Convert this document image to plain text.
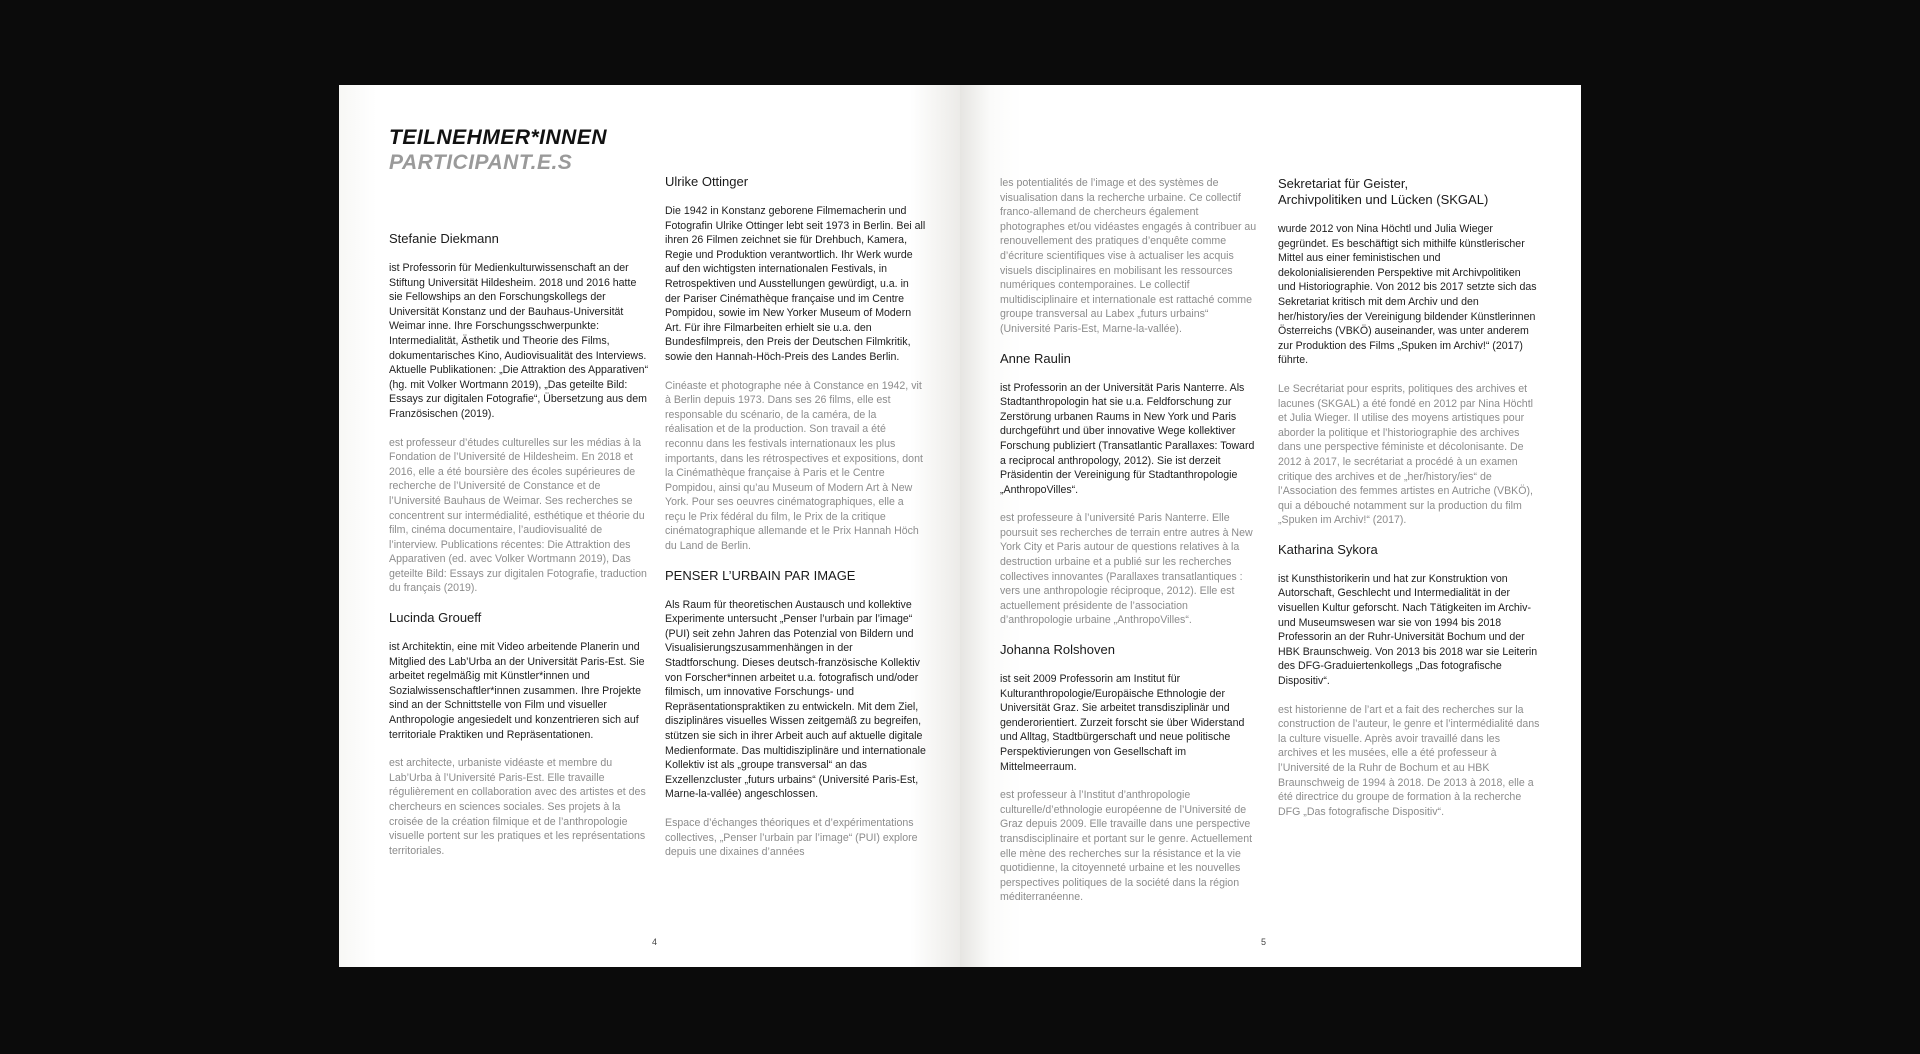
TEILNEHMER*INNEN

PARTICIPANT.E.S

Stefanie Diekmann

ist Professorin für Medienkulturwissenschaft an der Stiftung Universität Hildesheim. 2018 und 2016 hatte sie Fellowships an den Forschungskollegs der Universität Konstanz und der Bauhaus-Universität Weimar inne. Ihre Forschungsschwerpunkte: Intermedialität, Ästhetik und Theorie des Films, dokumentarisches Kino, Audiovisualität des Interviews. Aktuelle Publikationen: „Die Attraktion des Apparativen“ (hg. mit Volker Wortmann 2019), „Das geteilte Bild: Essays zur digitalen Fotografie“, Übersetzung aus dem Französischen (2019).

est professeur d’études culturelles sur les médias à la Fondation de l’Université de Hildesheim. En 2018 et 2016, elle a été boursière des écoles supérieures de recherche de l’Université de Constance et de l’Université Bauhaus de Weimar. Ses recherches se concentrent sur intermédialité, esthétique et théorie du film, cinéma documentaire, l’audiovisualité de l’interview. Publications récentes: Die Attraktion des Apparativen (ed. avec Volker Wortmann 2019), Das geteilte Bild: Essays zur digitalen Fotografie, traduction du français (2019).

Lucinda Groueff

ist Architektin, eine mit Video arbeitende Planerin und Mitglied des Lab’Urba an der Universität Paris-Est. Sie arbeitet regelmäßig mit Künstler*innen und Sozialwissenschaftler*innen zusammen. Ihre Projekte sind an der Schnittstelle von Film und visueller Anthropologie angesiedelt und konzentrieren sich auf territoriale Praktiken und Repräsentationen.

est architecte, urbaniste vidéaste et membre du Lab’Urba à l’Université Paris-Est. Elle travaille régulièrement en collaboration avec des artistes et des chercheurs en sciences sociales. Ses projets à la croisée de la création filmique et de l’anthropologie visuelle portent sur les pratiques et les représentations territoriales.

Ulrike Ottinger

Die 1942 in Konstanz geborene Filmemacherin und Fotografin Ulrike Ottinger lebt seit 1973 in Berlin. Bei all ihren 26 Filmen zeichnet sie für Drehbuch, Kamera, Regie und Produktion verantwortlich. Ihr Werk wurde auf den wichtigsten internationalen Festivals, in Retrospektiven und Ausstellungen gewürdigt, u.a. in der Pariser Cinémathèque française und im Centre Pompidou, sowie im New Yorker Museum of Modern Art. Für ihre Filmarbeiten erhielt sie u.a. den Bundesfilmpreis, den Preis der Deutschen Filmkritik, sowie den Hannah-Höch-Preis des Landes Berlin.

Cinéaste et photographe née à Constance en 1942, vit à Berlin depuis 1973. Dans ses 26 films, elle est responsable du scénario, de la caméra, de la réalisation et de la production. Son travail a été reconnu dans les festivals internationaux les plus importants, dans les rétrospectives et expositions, dont la Cinémathèque française à Paris et le Centre Pompidou, ainsi qu’au Museum of Modern Art à New York. Pour ses oeuvres cinématographiques, elle a reçu le Prix fédéral du film, le Prix de la critique cinématographique allemande et le Prix Hannah Höch du Land de Berlin.

PENSER L’URBAIN PAR IMAGE

Als Raum für theoretischen Austausch und kollektive Experimente untersucht „Penser l’urbain par l’image“ (PUI) seit zehn Jahren das Potenzial von Bildern und Visualisierungszusammenhängen in der Stadtforschung. Dieses deutsch-französische Kollektiv von Forscher*innen arbeitet u.a. fotografisch und/oder filmisch, um innovative Forschungs- und Repräsentationspraktiken zu entwickeln. Mit dem Ziel, disziplinäres visuelles Wissen zeitgemäß zu begreifen, stützen sie sich in ihrer Arbeit auch auf aktuelle digitale Medienformate. Das multidisziplinäre und internationale Kollektiv ist als „groupe transversal“ an das Exzellenzcluster „futurs urbains“ (Université Paris-Est, Marne-la-vallée) angeschlossen.

Espace d’échanges théoriques et d’expérimentations collectives, „Penser l’urbain par l’image“ (PUI) explore depuis une dixaines d’années

4

les potentialités de l’image et des systèmes de visualisation dans la recherche urbaine. Ce collectif franco-allemand de chercheurs également photographes et/ou vidéastes engagés à contribuer au renouvellement des pratiques d’enquête comme d’écriture scientifiques vise à actualiser les acquis visuels disciplinaires en mobilisant les ressources numériques contemporaines. Le collectif multidisciplinaire et internationale est rattaché comme groupe transversal au Labex „futurs urbains“ (Université Paris-Est, Marne-la-vallée).

Anne Raulin

ist Professorin an der Universität Paris Nanterre. Als Stadtanthropologin hat sie u.a. Feldforschung zur Zerstörung urbanen Raums in New York und Paris durchgeführt und über innovative Wege kollektiver Forschung publiziert (Transatlantic Parallaxes: Toward a reciprocal anthropology, 2012). Sie ist derzeit Präsidentin der Vereinigung für Stadtanthropologie „AnthropoVilles“.

est professeure à l’université Paris Nanterre. Elle poursuit ses recherches de terrain entre autres à New York City et Paris autour de questions relatives à la destruction urbaine et a publié sur les recherches collectives innovantes (Parallaxes transatlantiques : vers une anthropologie réciproque, 2012). Elle est actuellement présidente de l’association d’anthropologie urbaine „AnthropoVilles“.

Johanna Rolshoven

ist seit 2009 Professorin am Institut für Kulturanthropologie/Europäische Ethnologie der Universität Graz. Sie arbeitet transdisziplinär und genderorientiert. Zurzeit forscht sie über Widerstand und Alltag, Stadtbürgerschaft und neue politische Perspektivierungen von Gesellschaft im Mittelmeerraum.

est professeur à l’Institut d’anthropologie culturelle/d’ethnologie européenne de l’Université de Graz depuis 2009. Elle travaille dans une perspective transdisciplinaire et portant sur le genre. Actuellement elle mène des recherches sur la résistance et la vie quotidienne, la citoyenneté urbaine et les nouvelles perspectives politiques de la société dans la région méditerranéenne.

Sekretariat für Geister,
Archivpolitiken und Lücken (SKGAL)

wurde 2012 von Nina Höchtl und Julia Wieger gegründet. Es beschäftigt sich mithilfe künstlerischer Mittel aus einer feministischen und dekolonialisierenden Perspektive mit Archivpolitiken und Historiographie. Von 2012 bis 2017 setzte sich das Sekretariat kritisch mit dem Archiv und den her/history/ies der Vereinigung bildender Künstlerinnen Österreichs (VBKÖ) auseinander, was unter anderem zur Produktion des Films „Spuken im Archiv!“ (2017) führte.

Le Secrétariat pour esprits, politiques des archives et lacunes (SKGAL) a été fondé en 2012 par Nina Höchtl et Julia Wieger. Il utilise des moyens artistiques pour aborder la politique et l’historiographie des archives dans une perspective féministe et décolonisante. De 2012 à 2017, le secrétariat a procédé à un examen critique des archives et de „her/history/ies“ de l’Association des femmes artistes en Autriche (VBKÖ), qui a débouché notamment sur la production du film „Spuken im Archiv!“ (2017).

Katharina Sykora

ist Kunsthistorikerin und hat zur Konstruktion von Autorschaft, Geschlecht und Intermedialität in der visuellen Kultur geforscht. Nach Tätigkeiten im Archiv- und Museumswesen war sie von 1994 bis 2018 Professorin an der Ruhr-Universität Bochum und der HBK Braunschweig. Von 2013 bis 2018 war sie Leiterin des DFG-Graduiertenkollegs „Das fotografische Dispositiv“.

est historienne de l’art et a fait des recherches sur la construction de l’auteur, le genre et l’intermédialité dans la culture visuelle. Après avoir travaillé dans les archives et les musées, elle a été professeur à l’Université de la Ruhr de Bochum et au HBK Braunschweig de 1994 à 2018. De 2013 à 2018, elle a été directrice du groupe de formation à la recherche DFG „Das fotografische Dispositiv“.

5
